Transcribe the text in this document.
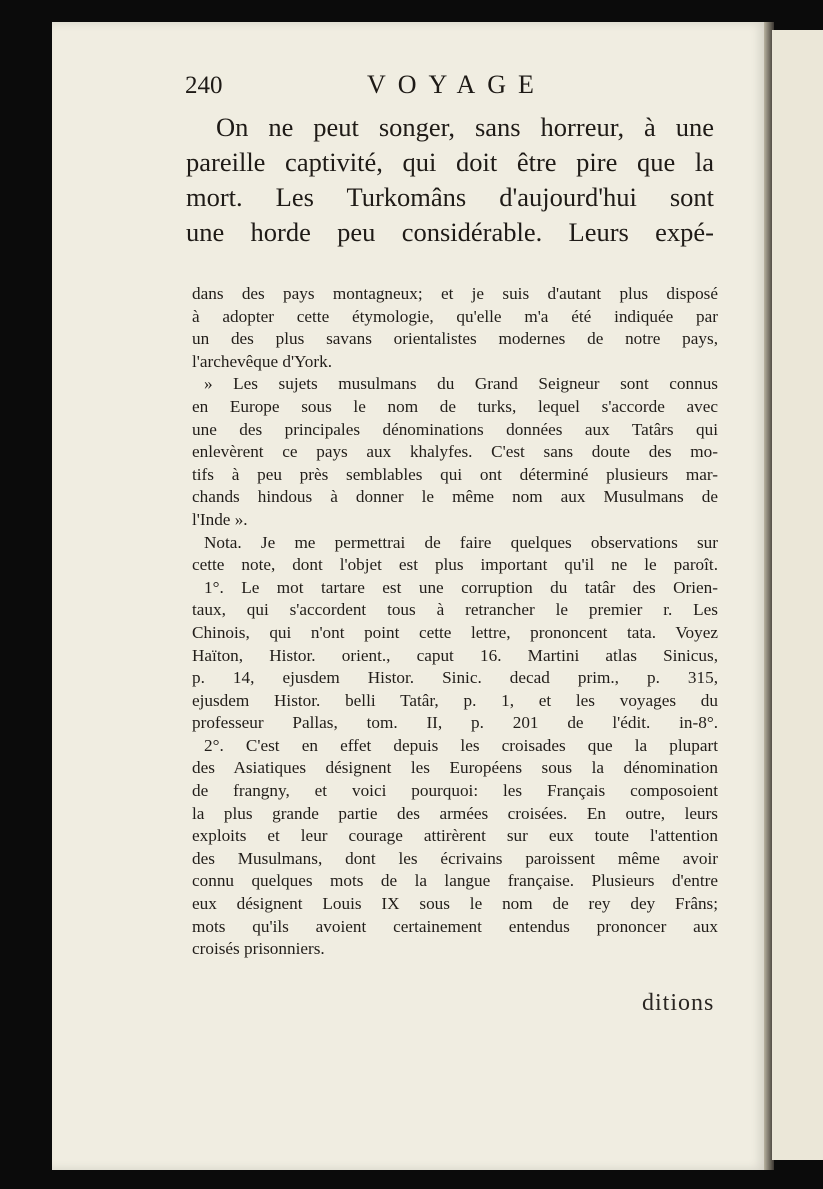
240	VOYAGE
On ne peut songer, sans horreur, à une
pareille captivité, qui doit être pire que la
mort. Les Turkomâns d'aujourd'hui sont
une horde peu considérable. Leurs expé-
dans des pays montagneux; et je suis d'autant plus disposé
à adopter cette étymologie, qu'elle m'a été indiquée par
un des plus savans orientalistes modernes de notre pays,
l'archevêque d'York.
» Les sujets musulmans du Grand Seigneur sont connus
en Europe sous le nom de turks, lequel s'accorde avec
une des principales dénominations données aux Tatârs qui
enlevèrent ce pays aux khalyfes. C'est sans doute des mo-
tifs à peu près semblables qui ont déterminé plusieurs mar-
chands hindous à donner le même nom aux Musulmans de
l'Inde ».
Nota. Je me permettrai de faire quelques observations sur
cette note, dont l'objet est plus important qu'il ne le paroît.
1°. Le mot tartare est une corruption du tatâr des Orien-
taux, qui s'accordent tous à retrancher le premier r. Les
Chinois, qui n'ont point cette lettre, prononcent tata. Voyez
Haïton, Histor. orient., caput 16. Martini atlas Sinicus,
p. 14, ejusdem Histor. Sinic. decad prim., p. 315,
ejusdem Histor. belli Tatâr, p. 1, et les voyages du
professeur Pallas, tom. II, p. 201 de l'édit. in-8°.
2°. C'est en effet depuis les croisades que la plupart
des Asiatiques désignent les Européens sous la dénomination
de frangny, et voici pourquoi: les Français composoient
la plus grande partie des armées croisées. En outre, leurs
exploits et leur courage attirèrent sur eux toute l'attention
des Musulmans, dont les écrivains paroissent même avoir
connu quelques mots de la langue française. Plusieurs d'entre
eux désignent Louis IX sous le nom de rey dey Frâns;
mots qu'ils avoient certainement entendus prononcer aux
croisés prisonniers.
ditions
